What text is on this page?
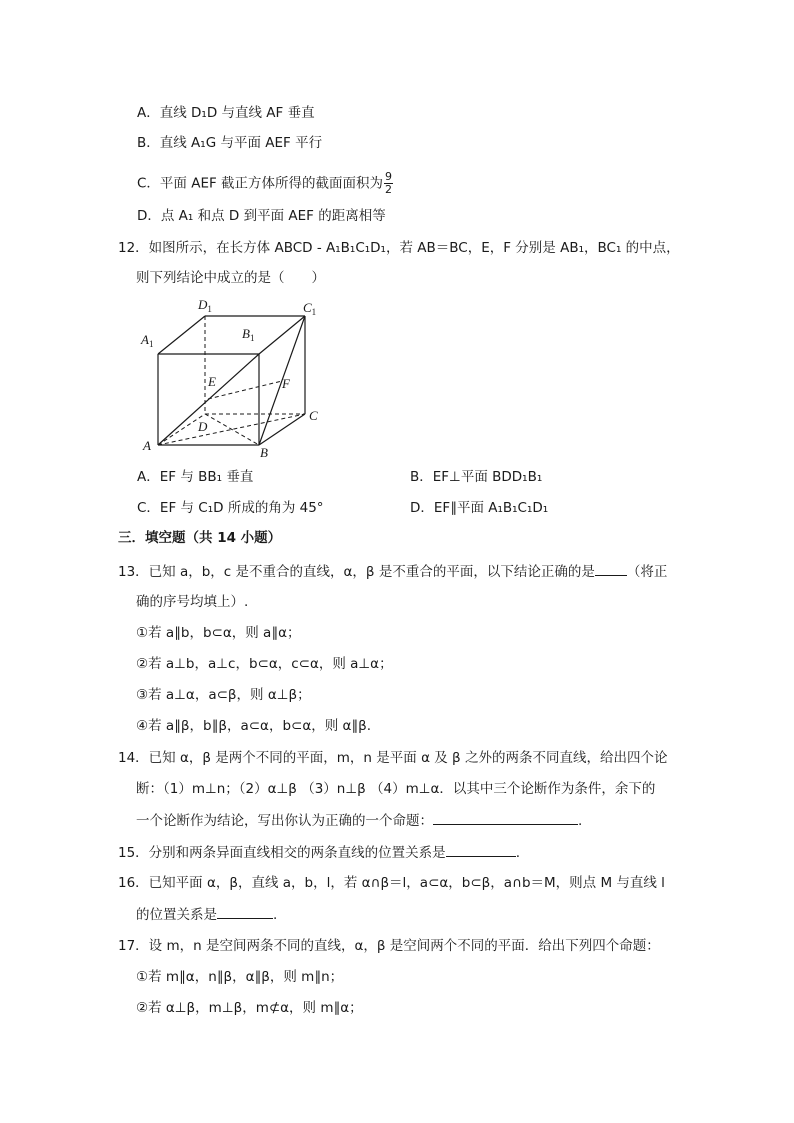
A．直线 D₁D 与直线 AF 垂直
B．直线 A₁G 与平面 AEF 平行
C．平面 AEF 截正方体所得的截面面积为 $\frac{9}{2}$
D．点 A₁ 和点 D 到平面 AEF 的距离相等
12．如图所示，在长方体 ABCD - A₁B₁C₁D₁，若 AB＝BC，E，F 分别是 AB₁，BC₁ 的中点，
则下列结论中成立的是（　　）
$D_1$	$C_1$
$A_1$
$B_1$
E	F
D
C
A	B
A．EF 与 BB₁ 垂直	B．EF⊥平面 BDD₁B₁
C．EF 与 C₁D 所成的角为 45°	D．EF∥平面 A₁B₁C₁D₁
三．填空题（共 14 小题）
13．已知 a，b，c 是不重合的直线，α，β 是不重合的平面，以下结论正确的是 （将正
确的序号均填上）.
①若 a∥b，b⊂α，则 a∥α；
②若 a⊥b，a⊥c，b⊂α，c⊂α，则 a⊥α；
③若 a⊥α，a⊂β，则 α⊥β；
④若 a∥β，b∥β，a⊂α，b⊂α，则 α∥β.
14．已知 α，β 是两个不同的平面，m，n 是平面 α 及 β 之外的两条不同直线，给出四个论
断：（1）m⊥n；（2）α⊥β （3）n⊥β （4）m⊥α．以其中三个论断作为条件，余下的
一个论断作为结论，写出你认为正确的一个命题：	.
15．分别和两条异面直线相交的两条直线的位置关系是	.
16．已知平面 α，β，直线 a，b，l，若 α∩β＝l，a⊂α，b⊂β，a∩b＝M，则点 M 与直线 l
的位置关系是	.
17．设 m，n 是空间两条不同的直线，α，β 是空间两个不同的平面．给出下列四个命题：
①若 m∥α，n∥β，α∥β，则 m∥n；
②若 α⊥β，m⊥β，m⊄α，则 m∥α；
